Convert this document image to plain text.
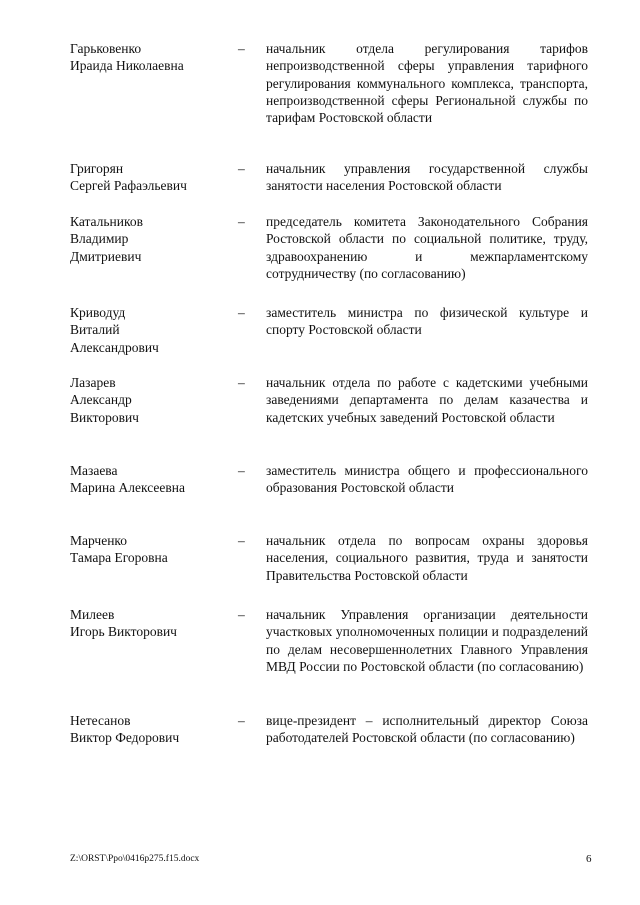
Гарьковенко
Ираида Николаевна
– начальник отдела регулирования тарифов непроизводственной сферы управления тарифного регулирования коммунального комплекса, транспорта, непроизводственной сферы Региональной службы по тарифам Ростовской области
Григорян
Сергей Рафаэльевич
– начальник управления государственной службы занятости населения Ростовской области
Катальников
Владимир
Дмитриевич
– председатель комитета Законодательного Собрания Ростовской области по социальной политике, труду, здравоохранению и межпарламентскому сотрудничеству (по согласованию)
Криводуд
Виталий
Александрович
– заместитель министра по физической культуре и спорту Ростовской области
Лазарев
Александр
Викторович
– начальник отдела по работе с кадетскими учебными заведениями департамента по делам казачества и кадетских учебных заведений Ростовской области
Мазаева
Марина Алексеевна
– заместитель министра общего и профессионального образования Ростовской области
Марченко
Тамара Егоровна
– начальник отдела по вопросам охраны здоровья населения, социального развития, труда и занятости Правительства Ростовской области
Милеев
Игорь Викторович
– начальник Управления организации деятельности участковых уполномоченных полиции и подразделений по делам несовершеннолетних Главного Управления МВД России по Ростовской области (по согласованию)
Нетесанов
Виктор Федорович
– вице-президент – исполнительный директор Союза работодателей Ростовской области (по согласованию)
Z:\ORST\Ppo\0416p275.f15.docx	6
